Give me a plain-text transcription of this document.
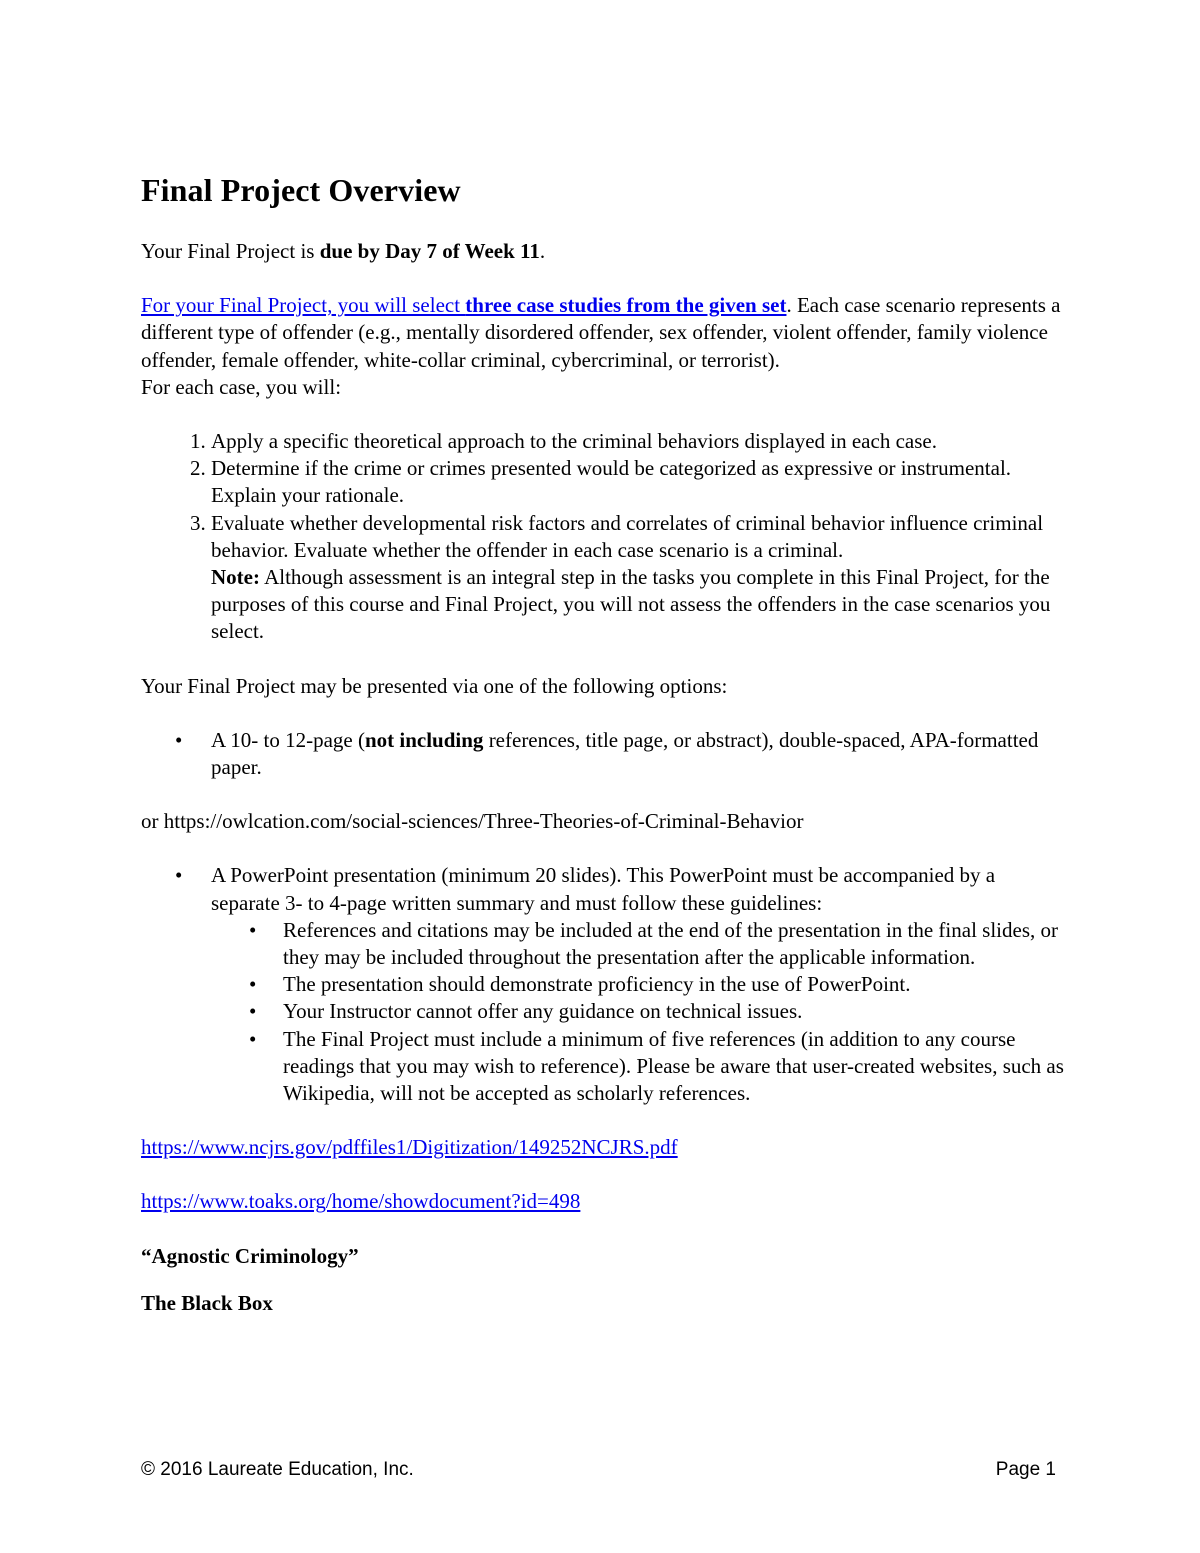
Final Project Overview

Your Final Project is due by Day 7 of Week 11.

For your Final Project, you will select three case studies from the given set. Each case scenario represents a different type of offender (e.g., mentally disordered offender, sex offender, violent offender, family violence offender, female offender, white-collar criminal, cybercriminal, or terrorist).

For each case, you will:

1. Apply a specific theoretical approach to the criminal behaviors displayed in each case.
2. Determine if the crime or crimes presented would be categorized as expressive or instrumental. Explain your rationale.
3. Evaluate whether developmental risk factors and correlates of criminal behavior influence criminal behavior. Evaluate whether the offender in each case scenario is a criminal.
Note: Although assessment is an integral step in the tasks you complete in this Final Project, for the purposes of this course and Final Project, you will not assess the offenders in the case scenarios you select.

Your Final Project may be presented via one of the following options:

• A 10- to 12-page (not including references, title page, or abstract), double-spaced, APA-formatted paper.

or https://owlcation.com/social-sciences/Three-Theories-of-Criminal-Behavior

• A PowerPoint presentation (minimum 20 slides). This PowerPoint must be accompanied by a separate 3- to 4-page written summary and must follow these guidelines:
• References and citations may be included at the end of the presentation in the final slides, or they may be included throughout the presentation after the applicable information.
• The presentation should demonstrate proficiency in the use of PowerPoint.
• Your Instructor cannot offer any guidance on technical issues.
• The Final Project must include a minimum of five references (in addition to any course readings that you may wish to reference). Please be aware that user-created websites, such as Wikipedia, will not be accepted as scholarly references.

https://www.ncjrs.gov/pdffiles1/Digitization/149252NCJRS.pdf

https://www.toaks.org/home/showdocument?id=498

“Agnostic Criminology”

The Black Box

© 2016 Laureate Education, Inc.	Page 1
